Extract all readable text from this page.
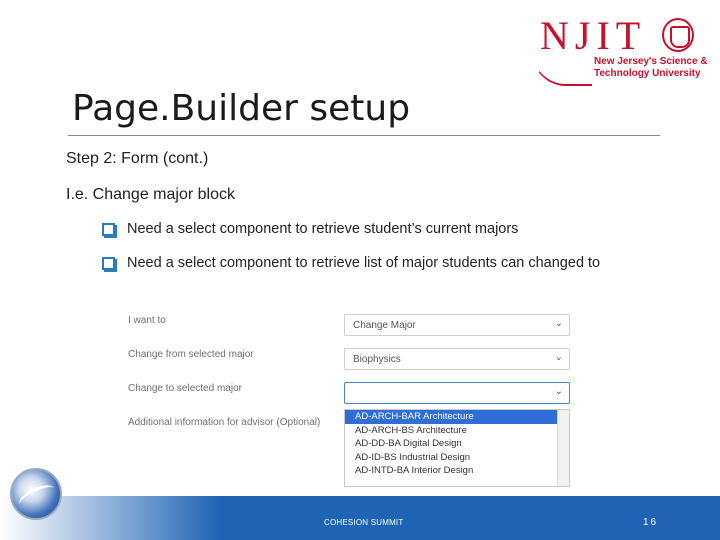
NJIT
New Jersey's Science &
Technology University
Page.Builder setup
Step 2: Form (cont.)
I.e. Change major block
Need a select component to retrieve student’s current majors
Need a select component to retrieve list of major students can changed to
I want to	Change Major	⌄
Change from selected major	Biophysics	⌄
Change to selected major	⌄
Additional information for advisor (Optional)
AD-ARCH-BAR Architecture
AD-ARCH-BS Architecture
AD-DD-BA Digital Design
AD-ID-BS Industrial Design
AD-INTD-BA Interior Design
COHESION SUMMIT	16
